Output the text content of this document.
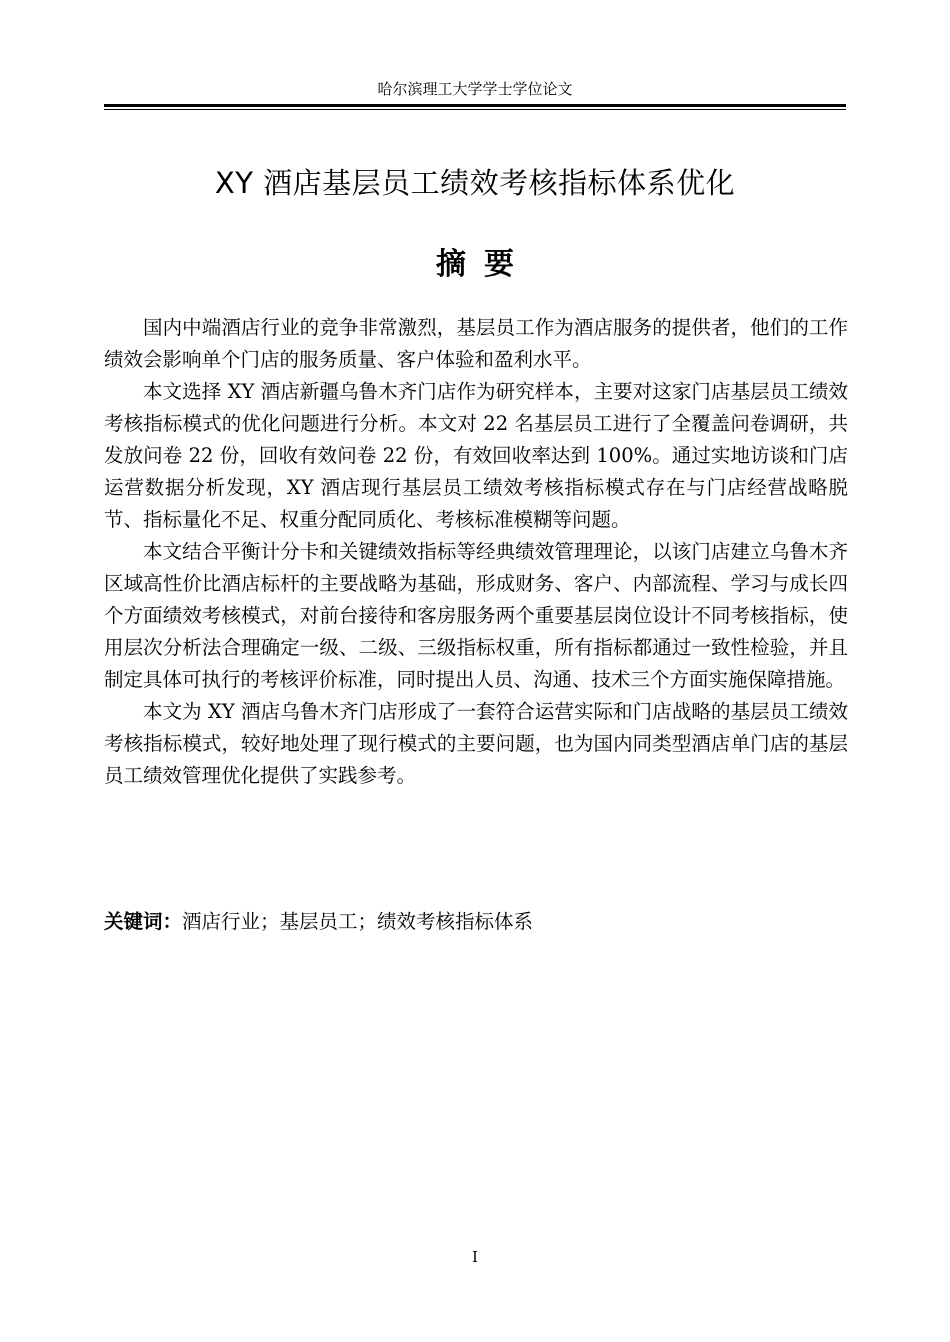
哈尔滨理工大学学士学位论文
XY 酒店基层员工绩效考核指标体系优化
摘要

国内中端酒店行业的竞争非常激烈，基层员工作为酒店服务的提供者，他们的工作绩效会影响单个门店的服务质量、客户体验和盈利水平。

本文选择 XY 酒店新疆乌鲁木齐门店作为研究样本，主要对这家门店基层员工绩效考核指标模式的优化问题进行分析。本文对 22 名基层员工进行了全覆盖问卷调研，共发放问卷 22 份，回收有效问卷 22 份，有效回收率达到 100%。通过实地访谈和门店运营数据分析发现，XY 酒店现行基层员工绩效考核指标模式存在与门店经营战略脱节、指标量化不足、权重分配同质化、考核标准模糊等问题。

本文结合平衡计分卡和关键绩效指标等经典绩效管理理论，以该门店建立乌鲁木齐区域高性价比酒店标杆的主要战略为基础，形成财务、客户、内部流程、学习与成长四个方面绩效考核模式，对前台接待和客房服务两个重要基层岗位设计不同考核指标，使用层次分析法合理确定一级、二级、三级指标权重，所有指标都通过一致性检验，并且制定具体可执行的考核评价标准，同时提出人员、沟通、技术三个方面实施保障措施。

本文为 XY 酒店乌鲁木齐门店形成了一套符合运营实际和门店战略的基层员工绩效考核指标模式，较好地处理了现行模式的主要问题，也为国内同类型酒店单门店的基层员工绩效管理优化提供了实践参考。

关键词：酒店行业；基层员工；绩效考核指标体系
I
